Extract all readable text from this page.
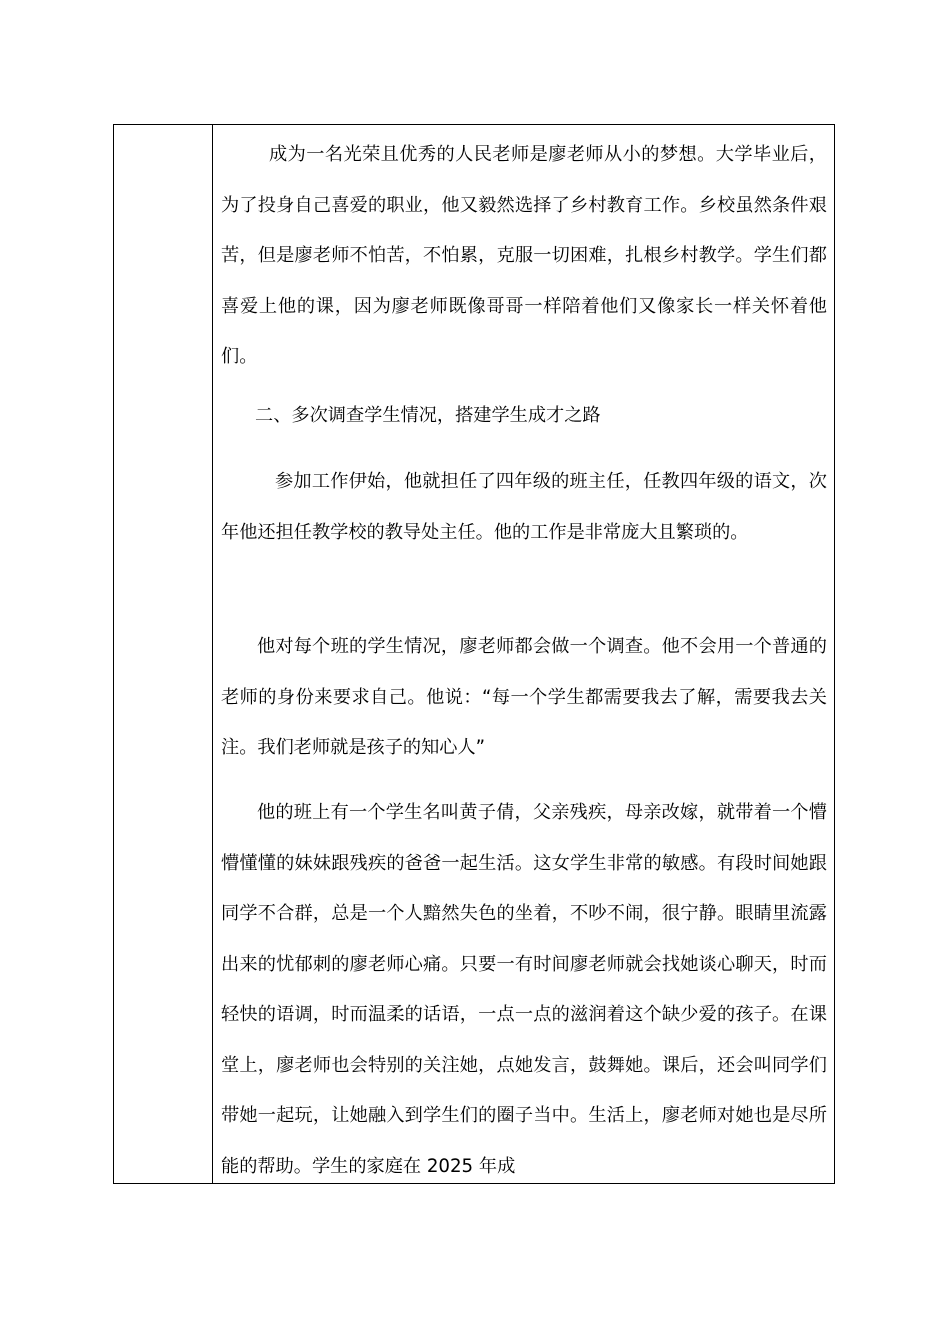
成为一名光荣且优秀的人民老师是廖老师从小的梦想。大学毕业后，为了投身自己喜爱的职业，他又毅然选择了乡村教育工作。乡校虽然条件艰苦，但是廖老师不怕苦，不怕累，克服一切困难，扎根乡村教学。学生们都喜爱上他的课，因为廖老师既像哥哥一样陪着他们又像家长一样关怀着他们。

二、多次调查学生情况，搭建学生成才之路

参加工作伊始，他就担任了四年级的班主任，任教四年级的语文，次年他还担任教学校的教导处主任。他的工作是非常庞大且繁琐的。

他对每个班的学生情况，廖老师都会做一个调查。他不会用一个普通的老师的身份来要求自己。他说：“每一个学生都需要我去了解，需要我去关注。我们老师就是孩子的知心人”

他的班上有一个学生名叫黄子倩，父亲残疾，母亲改嫁，就带着一个懵懵懂懂的妹妹跟残疾的爸爸一起生活。这女学生非常的敏感。有段时间她跟同学不合群，总是一个人黯然失色的坐着，不吵不闹，很宁静。眼睛里流露出来的忧郁刺的廖老师心痛。只要一有时间廖老师就会找她谈心聊天，时而轻快的语调，时而温柔的话语，一点一点的滋润着这个缺少爱的孩子。在课堂上，廖老师也会特别的关注她，点她发言，鼓舞她。课后，还会叫同学们带她一起玩，让她融入到学生们的圈子当中。生活上，廖老师对她也是尽所能的帮助。学生的家庭在 2025 年成
